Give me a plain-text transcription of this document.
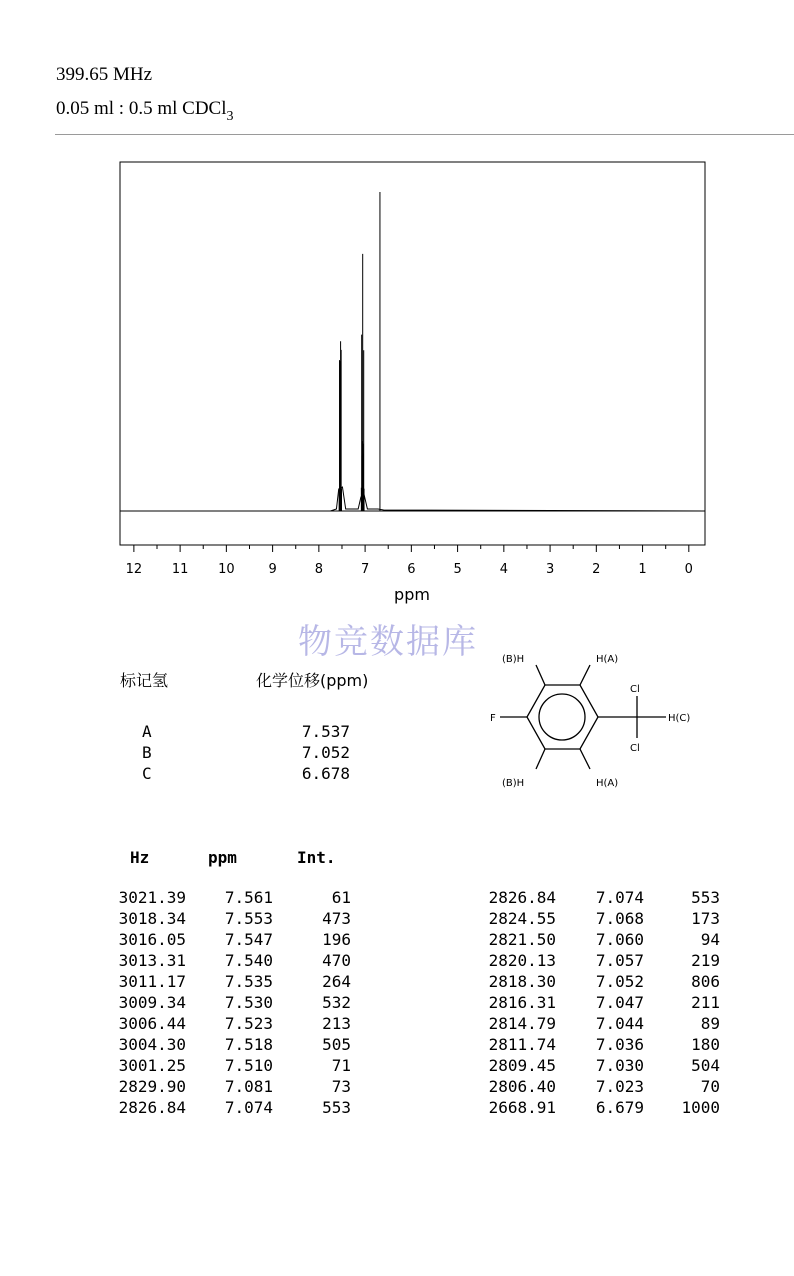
399.65 MHz
0.05 ml : 0.5 ml CDCl$_3$
12 11 10	9	8	7	6	5	4	3	2	1	0
ppm
物竞数据库
标记氢	化学位移(ppm)
A	7.537
B	7.052
C	6.678
(B)H	H(A)
F
Cl
H(C)
Cl
(B)H	H(A)
Hz	ppm	Int.
3021.39	7.561	61
3018.34	7.553	473
3016.05	7.547	196
3013.31	7.540	470
3011.17	7.535	264
3009.34	7.530	532
3006.44	7.523	213
3004.30	7.518	505
3001.25	7.510	71
2829.90	7.081	73
2826.84	7.074	553
2826.84	7.074	553
2824.55	7.068	173
2821.50	7.060	94
2820.13	7.057	219
2818.30	7.052	806
2816.31	7.047	211
2814.79	7.044	89
2811.74	7.036	180
2809.45	7.030	504
2806.40	7.023	70
2668.91	6.679	1000
